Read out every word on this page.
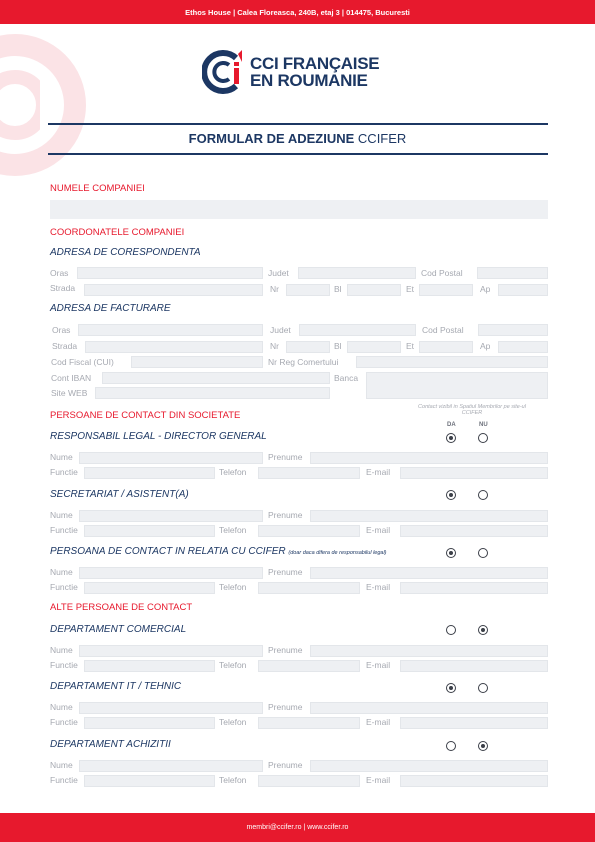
Ethos House | Calea Floreasca, 240B, etaj 3 | 014475, Bucuresti
CCI FRANÇAISE
EN ROUMANIE
FORMULAR DE ADEZIUNE CCIFER
NUMELE COMPANIEI
COORDONATELE COMPANIEI
ADRESA DE CORESPONDENTA
Oras	Judet	Cod Postal
Strada	Nr	Bl	Et	Ap
ADRESA DE FACTURARE
Oras	Judet	Cod Postal
Strada	Nr	Bl	Et	Ap
Cod Fiscal (CUI)	Nr Reg Comertului
Cont IBAN	Banca
Site WEB
PERSOANE DE CONTACT DIN SOCIETATE
Contact vizibil in Spatiul Membrilor pe site-ul CCIFER
DA	NU
RESPONSABIL LEGAL - DIRECTOR GENERAL
Nume	Prenume
Functie	Telefon	E-mail
SECRETARIAT / ASISTENT(A)
Nume	Prenume
Functie	Telefon	E-mail
PERSOANA DE CONTACT IN RELATIA CU CCIFER (doar daca difera de responsabilul legal)
Nume	Prenume
Functie	Telefon	E-mail
ALTE PERSOANE DE CONTACT
DEPARTAMENT COMERCIAL
Nume	Prenume
Functie	Telefon	E-mail
DEPARTAMENT IT / TEHNIC
Nume	Prenume
Functie	Telefon	E-mail
DEPARTAMENT ACHIZITII
Nume	Prenume
Functie	Telefon	E-mail
membri@ccifer.ro | www.ccifer.ro
